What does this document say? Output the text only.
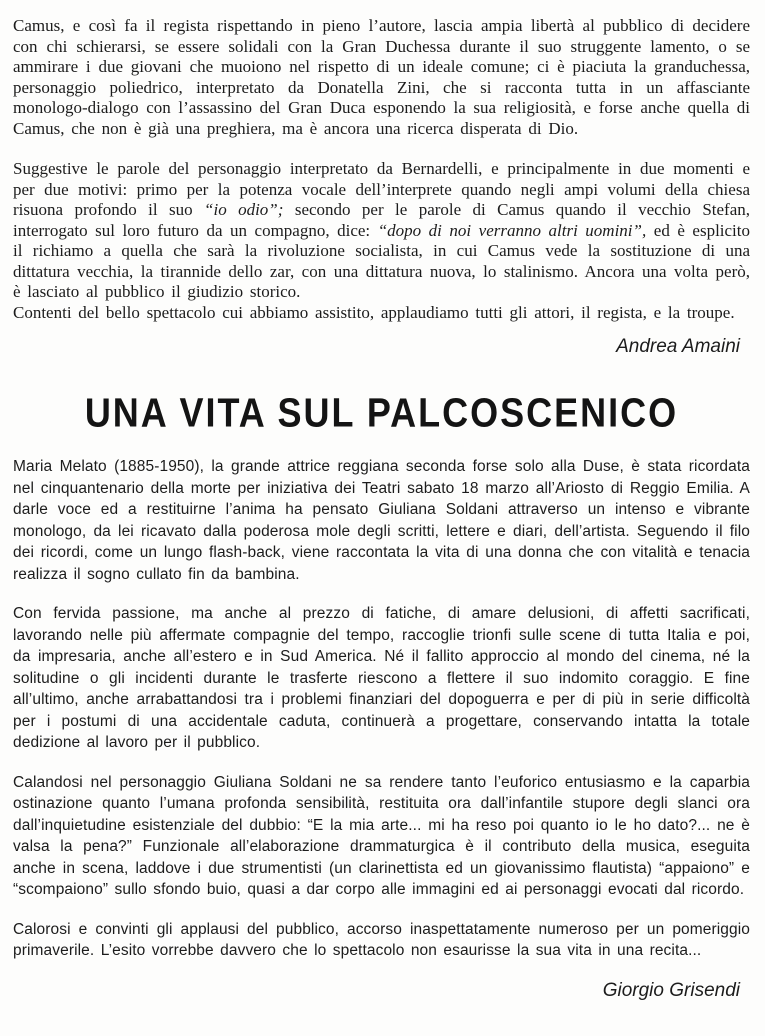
Camus, e così fa il regista rispettando in pieno l’autore, lascia ampia libertà al pubblico di decidere con chi schierarsi, se essere solidali con la Gran Duchessa durante il suo struggente lamento, o se ammirare i due giovani che muoiono nel rispetto di un ideale comune; ci è piaciuta la granduchessa, personaggio poliedrico, interpretato da Donatella Zini, che si racconta tutta in un affasciante monologo-dialogo con l’assassino del Gran Duca esponendo la sua religiosità, e forse anche quella di Camus, che non è già una preghiera, ma è ancora una ricerca disperata di Dio.

Suggestive le parole del personaggio interpretato da Bernardelli, e principalmente in due momenti e per due motivi: primo per la potenza vocale dell’interprete quando negli ampi volumi della chiesa risuona profondo il suo “io odio”; secondo per le parole di Camus quando il vecchio Stefan, interrogato sul loro futuro da un compagno, dice: “dopo di noi verranno altri uomini”, ed è esplicito il richiamo a quella che sarà la rivoluzione socialista, in cui Camus vede la sostituzione di una dittatura vecchia, la tirannide dello zar, con una dittatura nuova, lo stalinismo. Ancora una volta però, è lasciato al pubblico il giudizio storico.

Contenti del bello spettacolo cui abbiamo assistito, applaudiamo tutti gli attori, il regista, e la troupe.

Andrea Amaini

UNA VITA SUL PALCOSCENICO

Maria Melato (1885-1950), la grande attrice reggiana seconda forse solo alla Duse, è stata ricordata nel cinquantenario della morte per iniziativa dei Teatri sabato 18 marzo all’Ariosto di Reggio Emilia. A darle voce ed a restituirne l’anima ha pensato Giuliana Soldani attraverso un intenso e vibrante monologo, da lei ricavato dalla poderosa mole degli scritti, lettere e diari, dell’artista. Seguendo il filo dei ricordi, come un lungo flash-back, viene raccontata la vita di una donna che con vitalità e tenacia realizza il sogno cullato fin da bambina.

Con fervida passione, ma anche al prezzo di fatiche, di amare delusioni, di affetti sacrificati, lavorando nelle più affermate compagnie del tempo, raccoglie trionfi sulle scene di tutta Italia e poi, da impresaria, anche all’estero e in Sud America. Né il fallito approccio al mondo del cinema, né la solitudine o gli incidenti durante le trasferte riescono a flettere il suo indomito coraggio. E fine all’ultimo, anche arrabattandosi tra i problemi finanziari del dopoguerra e per di più in serie difficoltà per i postumi di una accidentale caduta, continuerà a progettare, conservando intatta la totale dedizione al lavoro per il pubblico.

Calandosi nel personaggio Giuliana Soldani ne sa rendere tanto l’euforico entusiasmo e la caparbia ostinazione quanto l’umana profonda sensibilità, restituita ora dall’infantile stupore degli slanci ora dall’inquietudine esistenziale del dubbio: “E la mia arte... mi ha reso poi quanto io le ho dato?... ne è valsa la pena?” Funzionale all’elaborazione drammaturgica è il contributo della musica, eseguita anche in scena, laddove i due strumentisti (un clarinettista ed un giovanissimo flautista) “appaiono” e “scompaiono” sullo sfondo buio, quasi a dar corpo alle immagini ed ai personaggi evocati dal ricordo.

Calorosi e convinti gli applausi del pubblico, accorso inaspettatamente numeroso per un pomeriggio primaverile. L’esito vorrebbe davvero che lo spettacolo non esaurisse la sua vita in una recita...

Giorgio Grisendi
